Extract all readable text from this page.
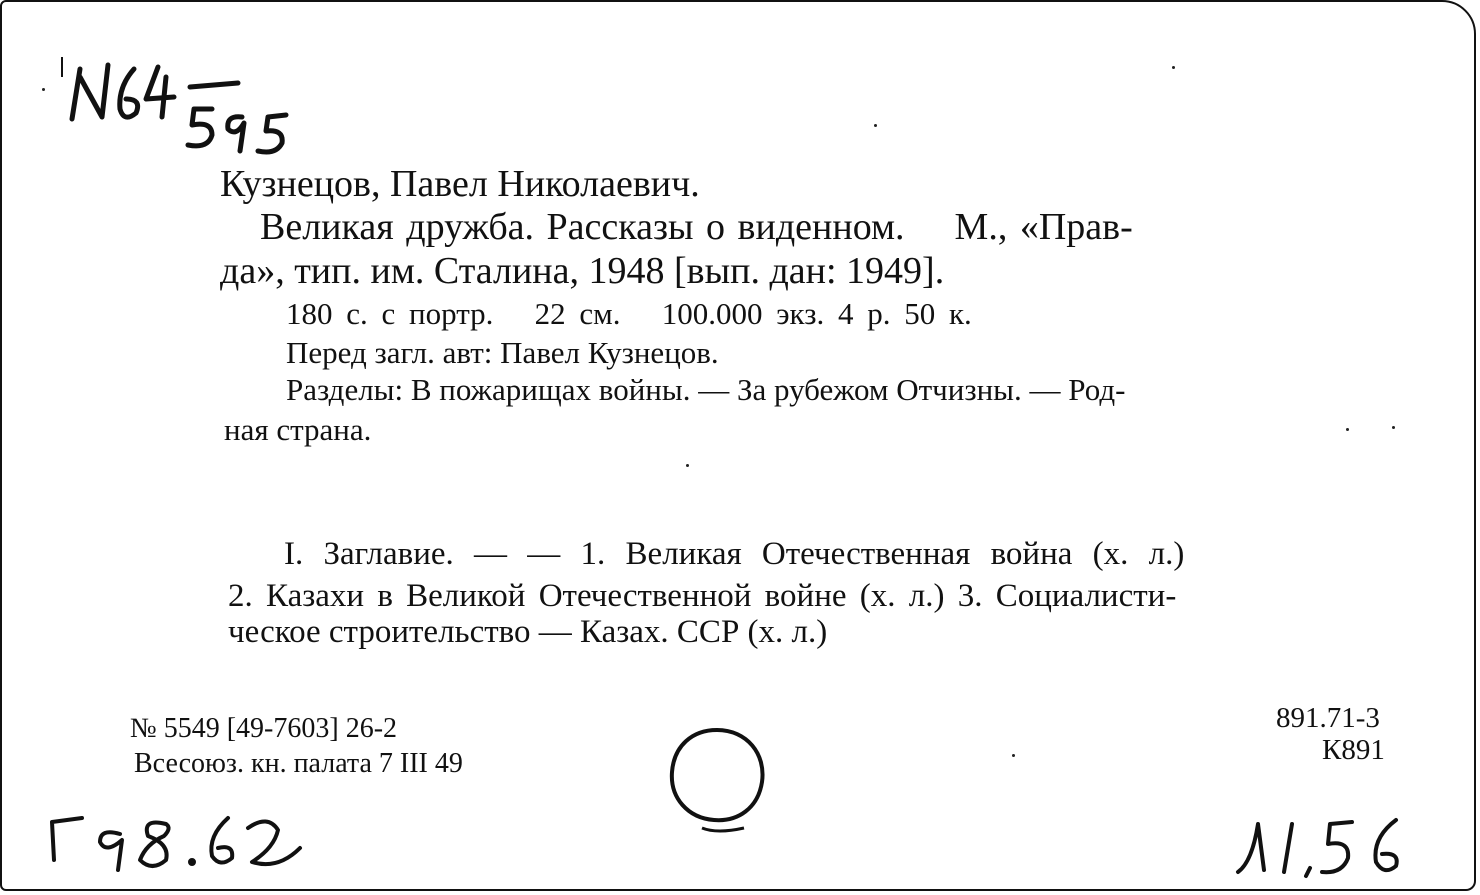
Кузнецов, Павел Николаевич.

Великая дружба. Рассказы о виденном.    М., «Прав-

да», тип. им. Сталина, 1948 [вып. дан: 1949].

180 с. с портр.   22 см.   100.000 экз. 4 р. 50 к.

Перед загл. авт: Павел Кузнецов.

Разделы: В пожарищах войны. — За рубежом Отчизны. — Род-

ная страна.

I. Заглавие. — — 1. Великая Отечественная война (х. л.)

2. Казахи в Великой Отечественной войне (х. л.) 3. Социалисти-

ческое строительство — Казах. ССР (х. л.)

№ 5549 [49-7603] 26-2

Всесоюз. кн. палата 7 III 49

891.71-3

К891
